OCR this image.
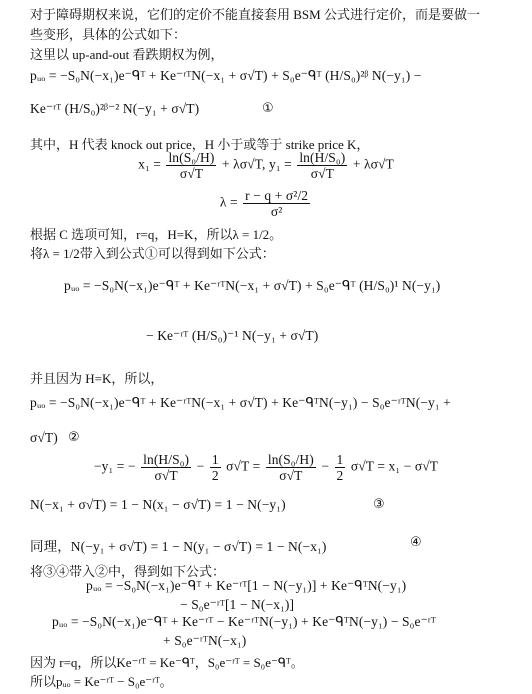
对于障碍期权来说，它们的定价不能直接套用 BSM 公式进行定价，而是要做一
些变形，具体的公式如下：
这里以 up-and-out 看跌期权为例，
pᵤₒ = −S₀N(−x₁)e⁻ᑫᵀ + Ke⁻ʳᵀN(−x₁ + σ√T) + S₀e⁻ᑫᵀ (H/S₀)²ᵝ N(−y₁) −
Ke⁻ʳᵀ (H/S₀)²ᵝ⁻² N(−y₁ + σ√T)	①
其中，H 代表 knock out price，H 小于或等于 strike price K，
$x_1 = \frac{\text{ln(S₀/H)}}{\sigma√T} + \lambda\sigma√T$, $y_1 = \frac{\text{ln(H/S₀)}}{\sigma√T} + \lambda\sigma√T$
$\lambda = \frac{\text{r − q + σ²/2}}{\text{σ²}}$
根据 C 选项可知，r=q，H=K，所以λ = 1/2。
将λ = 1/2带入到公式①可以得到如下公式：
pᵤₒ = −S₀N(−x₁)e⁻ᑫᵀ + Ke⁻ʳᵀN(−x₁ + σ√T) + S₀e⁻ᑫᵀ (H/S₀)¹ N(−y₁)
− Ke⁻ʳᵀ (H/S₀)⁻¹ N(−y₁ + σ√T)
并且因为 H=K，所以，
pᵤₒ = −S₀N(−x₁)e⁻ᑫᵀ + Ke⁻ʳᵀN(−x₁ + σ√T) + Ke⁻ᑫᵀN(−y₁) − S₀e⁻ʳᵀN(−y₁ +
σ√T) ②
−y₁ = − $\frac{\text{ln(H/S₀)}}{\sigma√T} - \frac{1}{2} \sigma√T = \frac{\text{ln(S₀/H)}}{\sigma√T} - \frac{1}{2} \sigma√T = x_1 - \sigma√T$
N(−x₁ + σ√T) = 1 − N(x₁ − σ√T) = 1 − N(−y₁)	③
同理，N(−y₁ + σ√T) = 1 − N(y₁ − σ√T) = 1 − N(−x₁)	④
将③④带入②中，得到如下公式：
pᵤₒ = −S₀N(−x₁)e⁻ᑫᵀ + Ke⁻ʳᵀ[1 − N(−y₁)] + Ke⁻ᑫᵀN(−y₁)
− S₀e⁻ʳᵀ[1 − N(−x₁)]
pᵤₒ = −S₀N(−x₁)e⁻ᑫᵀ + Ke⁻ʳᵀ − Ke⁻ʳᵀN(−y₁) + Ke⁻ᑫᵀN(−y₁) − S₀e⁻ʳᵀ
+ S₀e⁻ʳᵀN(−x₁)
因为 r=q，所以Ke⁻ʳᵀ = Ke⁻ᑫᵀ，S₀e⁻ʳᵀ = S₀e⁻ᑫᵀ。
所以pᵤₒ = Ke⁻ʳᵀ − S₀e⁻ʳᵀ。
